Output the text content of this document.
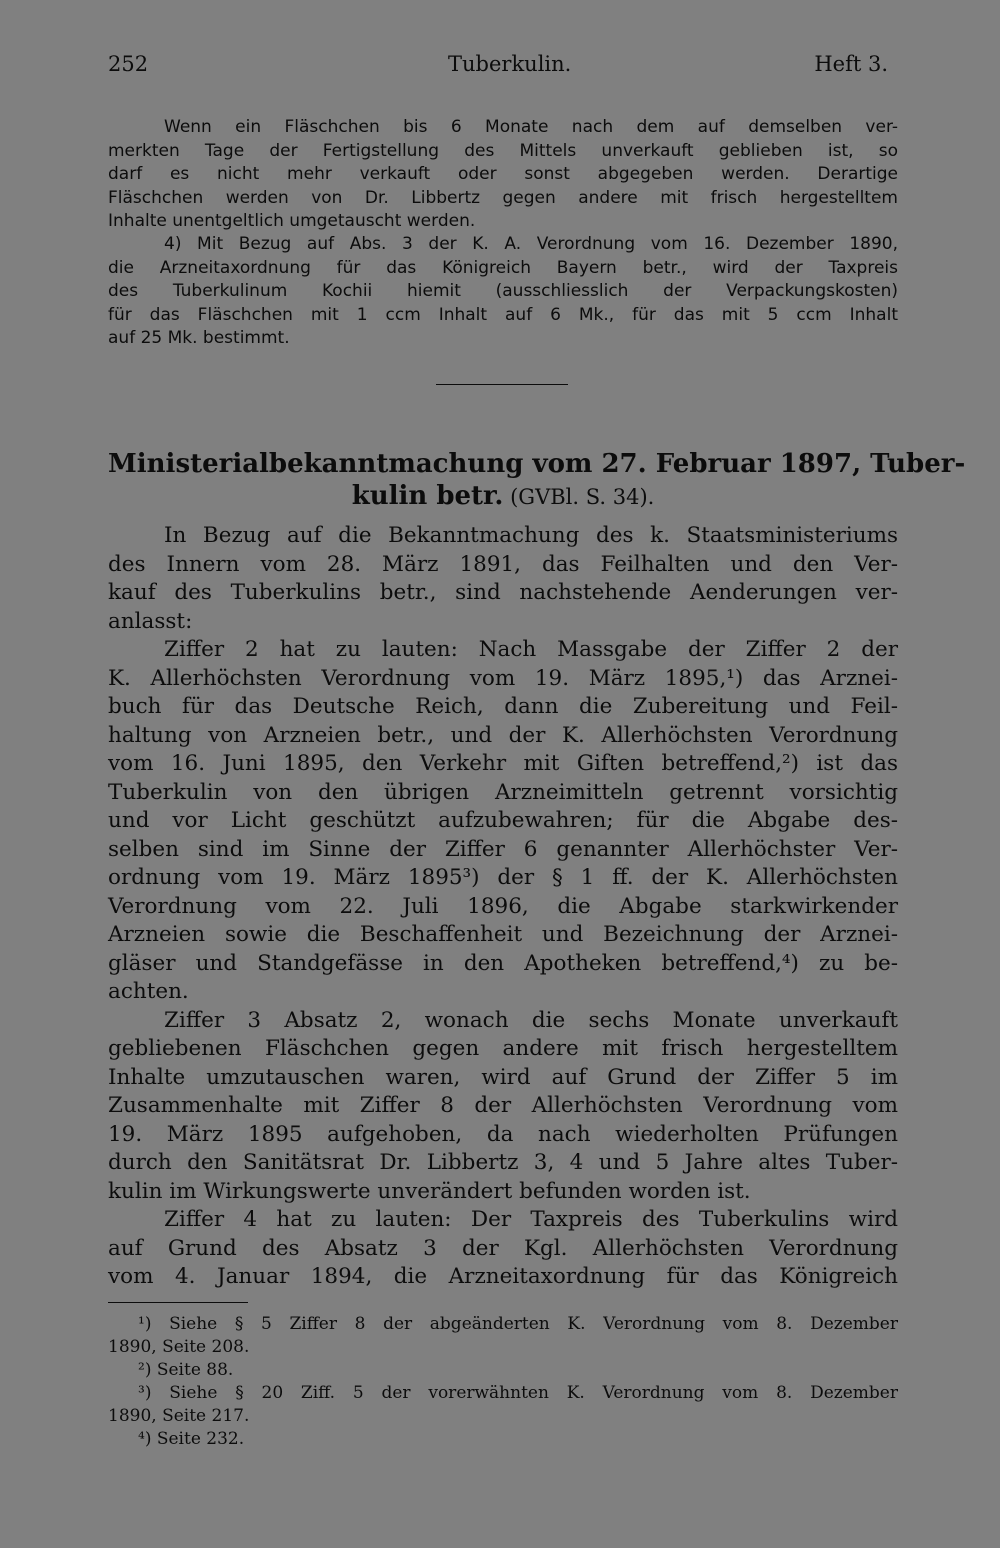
252	Tuberkulin.	Heft 3.

Wenn ein Fläschchen bis 6 Monate nach dem auf demselben ver-
merkten Tage der Fertigstellung des Mittels unverkauft geblieben ist, so
darf es nicht mehr verkauft oder sonst abgegeben werden. Derartige
Fläschchen werden von Dr. Libbertz gegen andere mit frisch hergestelltem
Inhalte unentgeltlich umgetauscht werden.

4) Mit Bezug auf Abs. 3 der K. A. Verordnung vom 16. Dezember 1890,
die Arzneitaxordnung für das Königreich Bayern betr., wird der Taxpreis
des Tuberkulinum Kochii hiemit (ausschliesslich der Verpackungskosten)
für das Fläschchen mit 1 ccm Inhalt auf 6 Mk., für das mit 5 ccm Inhalt
auf 25 Mk. bestimmt.

Ministerialbekanntmachung vom 27. Februar 1897, Tuber-
kulin betr. (GVBl. S. 34).

In Bezug auf die Bekanntmachung des k. Staatsministeriums
des Innern vom 28. März 1891, das Feilhalten und den Ver-
kauf des Tuberkulins betr., sind nachstehende Aenderungen ver-
anlasst:
Ziffer 2 hat zu lauten: Nach Massgabe der Ziffer 2 der
K. Allerhöchsten Verordnung vom 19. März 1895,¹) das Arznei-
buch für das Deutsche Reich, dann die Zubereitung und Feil-
haltung von Arzneien betr., und der K. Allerhöchsten Verordnung
vom 16. Juni 1895, den Verkehr mit Giften betreffend,²) ist das
Tuberkulin von den übrigen Arzneimitteln getrennt vorsichtig
und vor Licht geschützt aufzubewahren; für die Abgabe des-
selben sind im Sinne der Ziffer 6 genannter Allerhöchster Ver-
ordnung vom 19. März 1895³) der § 1 ff. der K. Allerhöchsten
Verordnung vom 22. Juli 1896, die Abgabe starkwirkender
Arzneien sowie die Beschaffenheit und Bezeichnung der Arznei-
gläser und Standgefässe in den Apotheken betreffend,⁴) zu be-
achten.
Ziffer 3 Absatz 2, wonach die sechs Monate unverkauft
gebliebenen Fläschchen gegen andere mit frisch hergestelltem
Inhalte umzutauschen waren, wird auf Grund der Ziffer 5 im
Zusammenhalte mit Ziffer 8 der Allerhöchsten Verordnung vom
19. März 1895 aufgehoben, da nach wiederholten Prüfungen
durch den Sanitätsrat Dr. Libbertz 3, 4 und 5 Jahre altes Tuber-
kulin im Wirkungswerte unverändert befunden worden ist.
Ziffer 4 hat zu lauten: Der Taxpreis des Tuberkulins wird
auf Grund des Absatz 3 der Kgl. Allerhöchsten Verordnung
vom 4. Januar 1894, die Arzneitaxordnung für das Königreich

¹) Siehe § 5 Ziffer 8 der abgeänderten K. Verordnung vom 8. Dezember
1890, Seite 208.
²) Seite 88.
³) Siehe § 20 Ziff. 5 der vorerwähnten K. Verordnung vom 8. Dezember
1890, Seite 217.
⁴) Seite 232.
